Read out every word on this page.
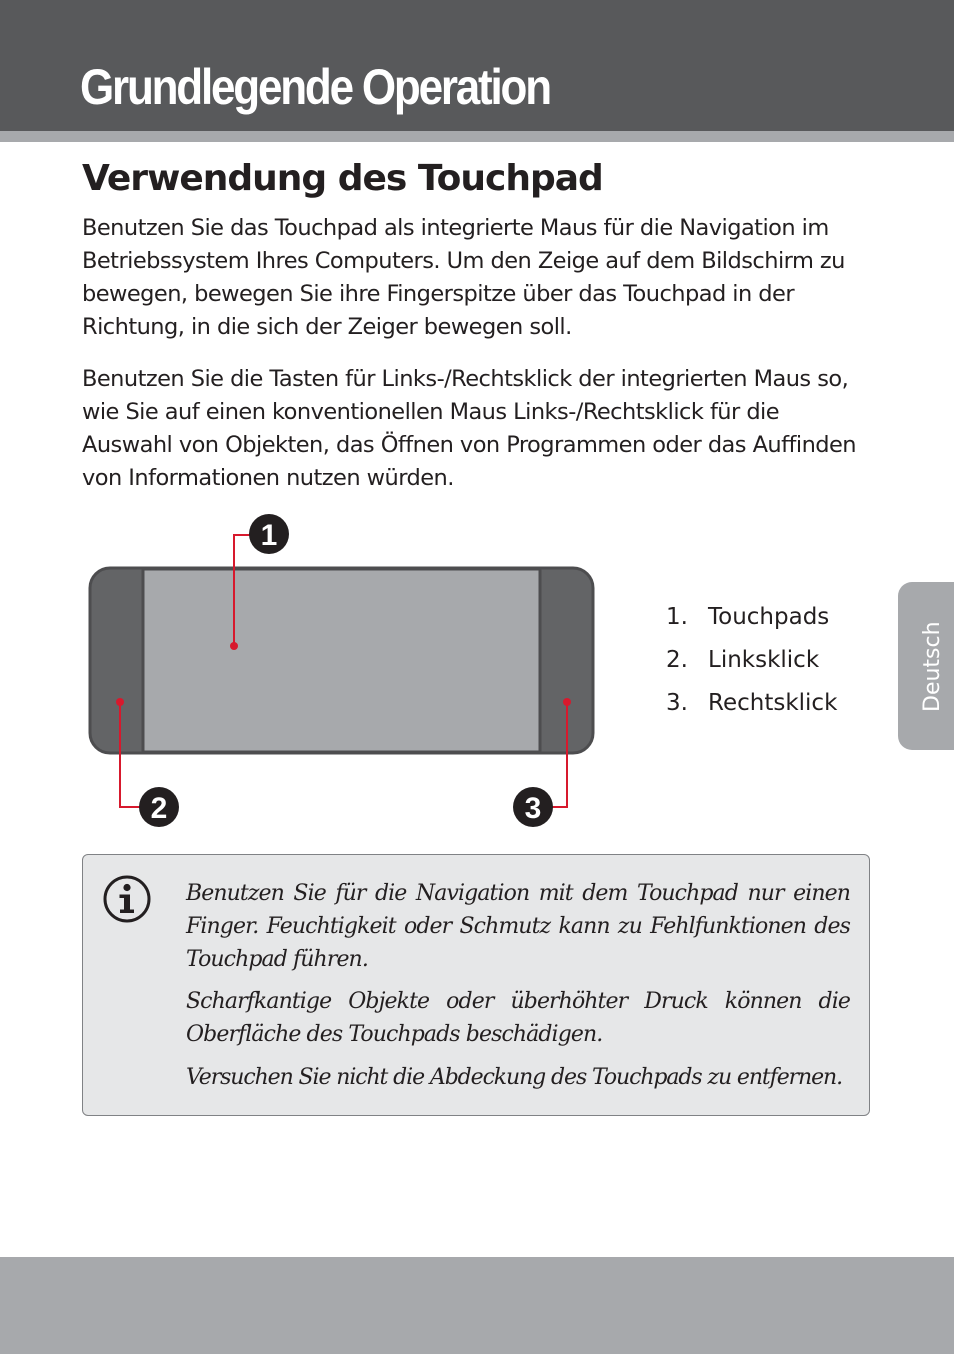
Grundlegende Operation
Verwendung des Touchpad

Benutzen Sie das Touchpad als integrierte Maus für die Navigation im Betriebssystem Ihres Computers. Um den Zeige auf dem Bildschirm zu bewegen, bewegen Sie ihre Fingerspitze über das Touchpad in der Richtung, in die sich der Zeiger bewegen soll.

Benutzen Sie die Tasten für Links-/Rechtsklick der integrierten Maus so, wie Sie auf einen konventionellen Maus Links-/Rechtsklick für die Auswahl von Objekten, das Öffnen von Programmen oder das Auffinden von Informationen nutzen würden.

1
2	3
1. Touchpads
2. Linksklick
3. Rechtsklick	Deutsch

Benutzen Sie für die Navigation mit dem Touchpad nur einen Finger. Feuchtigkeit oder Schmutz kann zu Fehlfunktionen des Touchpad führen.

Scharfkantige Objekte oder überhöhter Druck können die Oberfläche des Touchpads beschädigen.

Versuchen Sie nicht die Abdeckung des Touchpads zu entfernen.
